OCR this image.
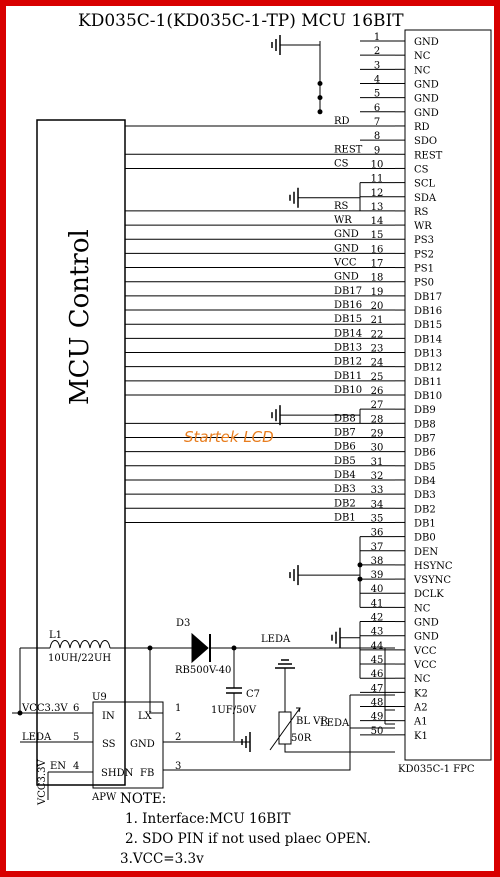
KD035C-1(KD035C-1-TP) MCU 16BIT
MCU Control
1	GND
2	NC
3	NC
4	GND
5	GND
6	GND
7	RD
RD
8	SDO
9	REST
REST
10	CS
CS
11	SCL
12	SDA
13	RS
RS
14	WR
WR
15	PS3
GND
16	PS2
GND
17	PS1
VCC
18	PS0
GND
19	DB17
DB17
20	DB16
DB16
21	DB15
DB15
22	DB14
DB14
23	DB13
DB13
24	DB12
DB12
25	DB11
DB11
26	DB10
DB10
27	DB9
28	DB8
DB8
29	DB7
DB7
30	DB6
DB6
31	DB5
DB5
32	DB4
DB4
33	DB3
DB3
34	DB2
DB2
35	DB1
DB1
36	DB0
37	DEN
38	HSYNC
39	VSYNC
40	DCLK
41	NC
42	GND
43	GND
44	VCC
45	VCC
46	NC
47	K2
48	A2
49	A1
50	K1
KD035C-1 FPC
L1
10UH/22UH
D3
RB500V-40
LEDA
C7
1UF/50V
BL VR
50R
LEDA
U9
APW
IN
SS
SHDN
LX
GND
FB
6
5
4
1
2
3
VCC3.3V
LEDA
EN
VCC3.3V	NOTE:
1. Interface:MCU 16BIT
2. SDO PIN if not used plaec OPEN.
3.VCC=3.3v
Startek LCD
